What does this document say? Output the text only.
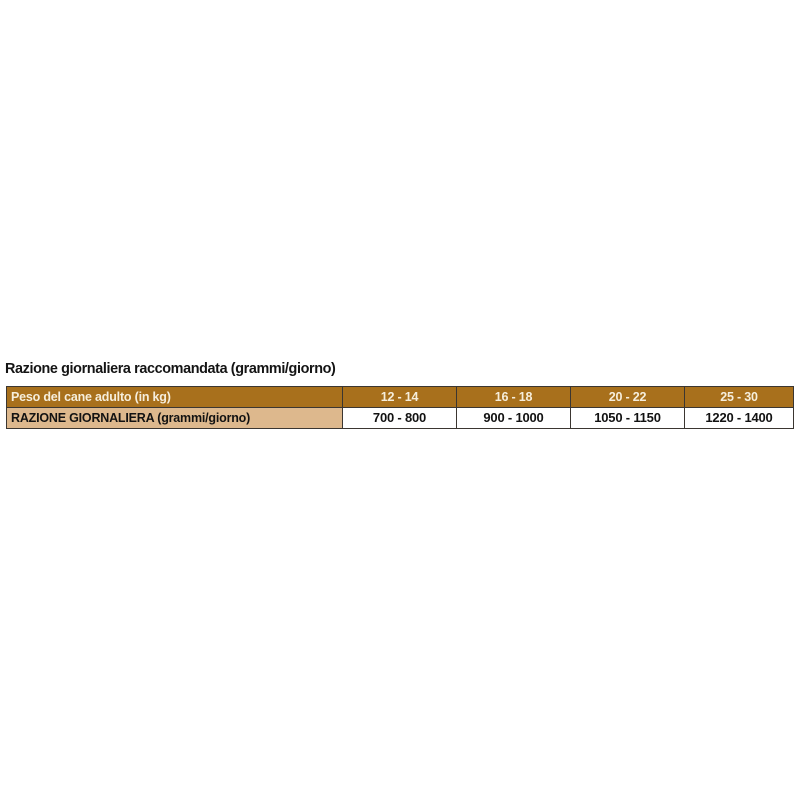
Razione giornaliera raccomandata (grammi/giorno)
Peso del cane adulto (in kg)	12 - 14	16 - 18	20 - 22	25 - 30
RAZIONE GIORNALIERA (grammi/giorno)	700 - 800	900 - 1000	1050 - 1150	1220 - 1400
